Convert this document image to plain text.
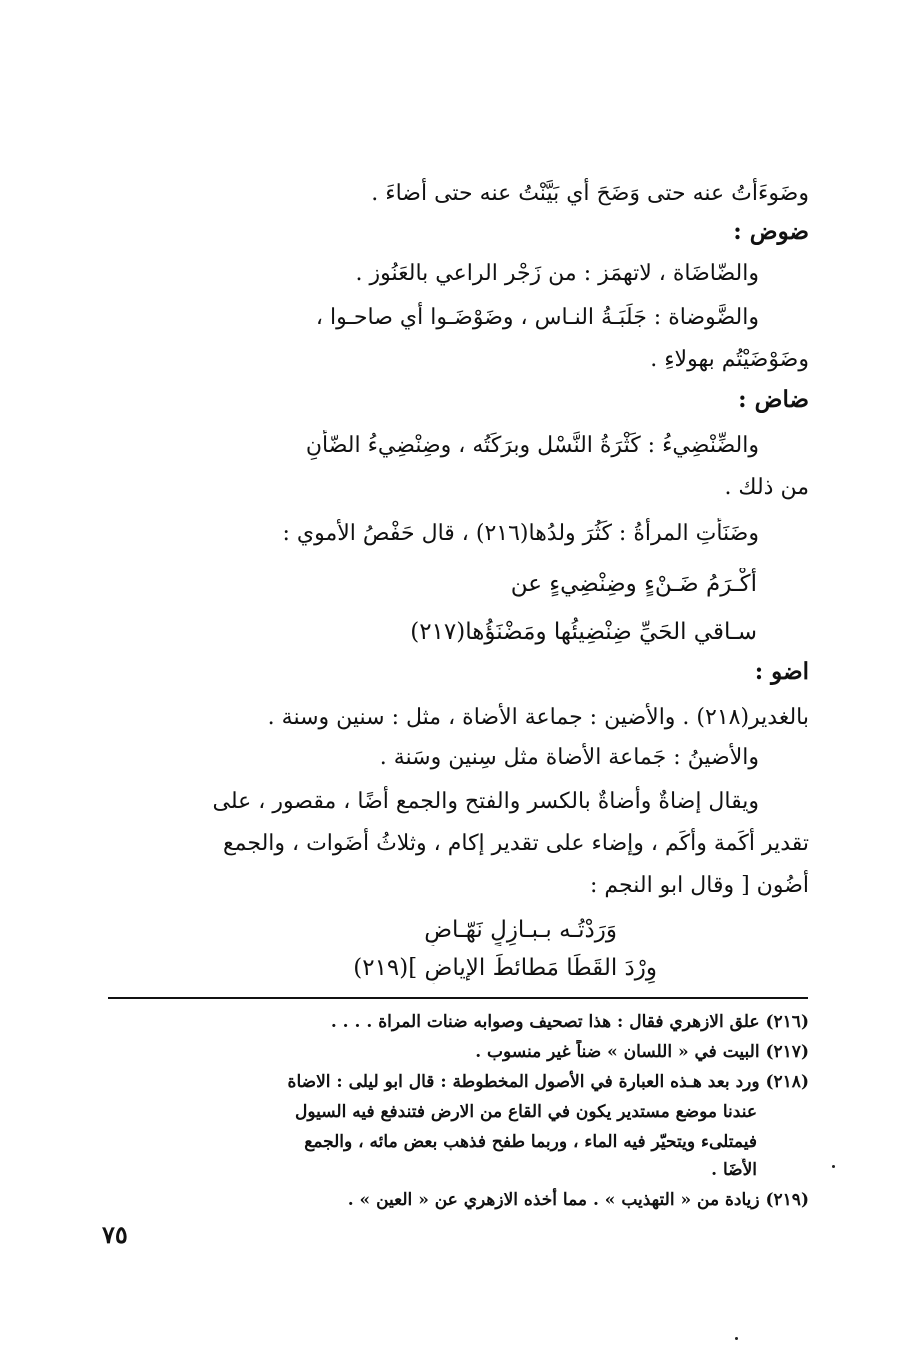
وضَوءَأتُ عنه حتى وَضَحَ أي بَيَّنْتُ عنه حتى أضاءَ .
ضوض :
والضّاضَاة ، لاتهمَز : من زَجْر الراعي بالعَنُوز .
والضَّوضاة : جَلَبَـةُ النـاس ، وضَوْضَـوا أي صاحـوا ،
وضَوْضَيْتُم بهولاءِ .
ضاض :
والضِّنْضِيءُ : كَثْرَةُ النَّسْل وبرَكَتُه ، وضِنْضِيءُ الضّأنِ
من ذلك .
وضَنَأتِ المرأةُ : كَثُرَ ولدُها(٢١٦) ، قال حَفْصُ الأموي :
أكْـرَمُ ضَـنْءٍ وضِنْضِيءٍ عن
سـاقي الحَيِّ ضِنْضِيئُها ومَضْنَؤُها(٢١٧)
اضو :
بالغدير(٢١٨) . والأَضين : جماعة الأضاة ، مثل : سنين وسنة .
والأَضينُ : جَماعة الأضاة مثل سِنين وسَنة .
ويقال إضاةٌ وأضاةٌ بالكسر والفتح والجمع أَضًا ، مقصور ، على
تقدير أَكَمة وأَكَم ، وإضاء على تقدير إكام ، وثلاثُ أَضَوات ، والجمع
أضُون [ وقال ابو النجم :
وَرَدْتُـه بـبـازِلٍ نَهّـاضٍ
وِرْدَ القَطَا مَطائطَ الإياضِ ](٢١٩)
(٢١٦) علق الازهري فقال : هذا تصحيف وصوابه ضنات المراة . . . .
(٢١٧) البيت في « اللسان » ضناً غير منسوب .
(٢١٨) ورد بعد هـذه العبارة في الأصول المخطوطة : قال ابو ليلى : الاضاة
عندنا موضع مستدير يكون في القاع من الارض فتندفع فيه السيول
فيمتلىء ويتحيّر فيه الماء ، وربما طفح فذهب بعض مائه ، والجمع
الأَضَا .
(٢١٩) زيادة من « التهذيب » . مما أخذه الازهري عن « العين » .
٧٥
